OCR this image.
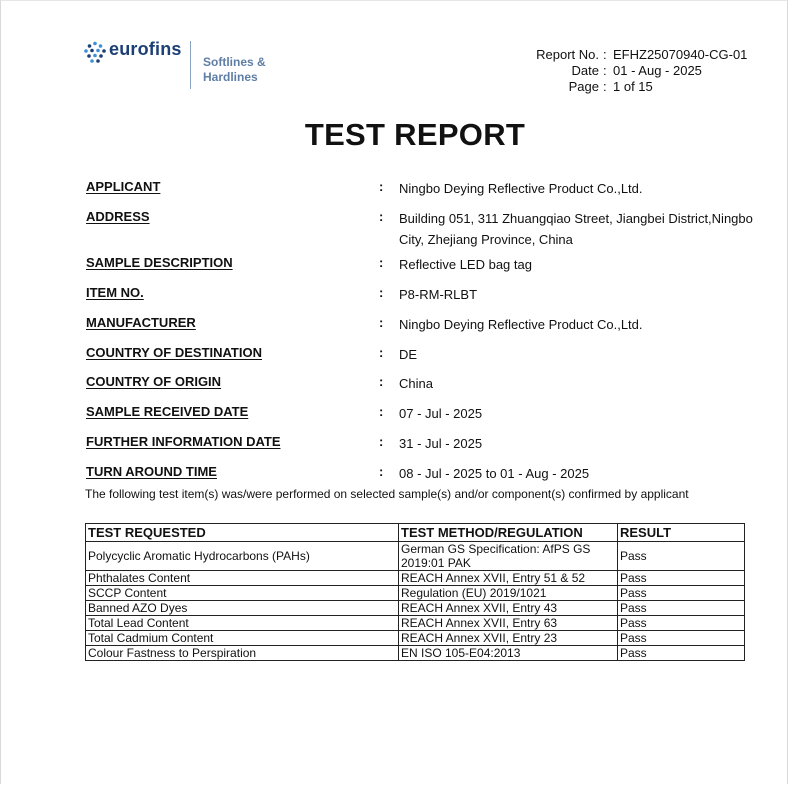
eurofins
Softlines &
Hardlines
Report No. : EFHZ25070940-CG-01
Date : 01 - Aug - 2025
Page : 1 of 15
TEST REPORT
APPLICANT	: Ningbo Deying Reflective Product Co.,Ltd.
ADDRESS	: Building 051, 311 Zhuangqiao Street, Jiangbei District,Ningbo
City, Zhejiang Province, China
SAMPLE DESCRIPTION	: Reflective LED bag tag
ITEM NO.	: P8-RM-RLBT
MANUFACTURER	: Ningbo Deying Reflective Product Co.,Ltd.
COUNTRY OF DESTINATION	: DE
COUNTRY OF ORIGIN	: China
SAMPLE RECEIVED DATE	: 07 - Jul - 2025
FURTHER INFORMATION DATE	: 31 - Jul - 2025
TURN AROUND TIME	: 08 - Jul - 2025 to 01 - Aug - 2025
The following test item(s) was/were performed on selected sample(s) and/or component(s) confirmed by applicant
TEST REQUESTED	TEST METHOD/REGULATION	RESULT
Polycyclic Aromatic Hydrocarbons (PAHs)	German GS Specification: AfPS GS
2019:01 PAK	Pass
Phthalates Content	REACH Annex XVII, Entry 51 & 52	Pass
SCCP Content	Regulation (EU) 2019/1021	Pass
Banned AZO Dyes	REACH Annex XVII, Entry 43	Pass
Total Lead Content	REACH Annex XVII, Entry 63	Pass
Total Cadmium Content	REACH Annex XVII, Entry 23	Pass
Colour Fastness to Perspiration	EN ISO 105-E04:2013	Pass
